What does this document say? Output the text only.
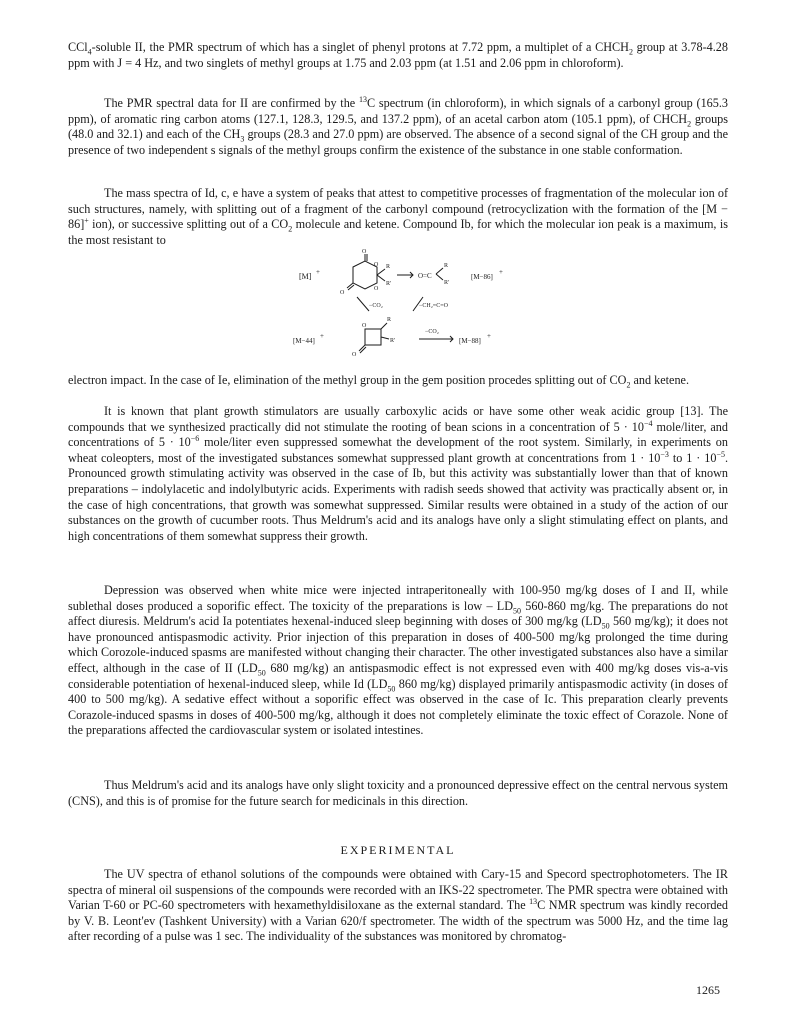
CCl$_4$-soluble II, the PMR spectrum of which has a singlet of phenyl protons at 7.72 ppm, a multiplet of a $CHCH_2$ group at 3.78-4.28 ppm with J = 4 Hz, and two singlets of methyl groups at 1.75 and 2.03 ppm (at 1.51 and 2.06 ppm in chloroform).

The PMR spectral data for II are confirmed by the $^{13}$C spectrum (in chloroform), in which signals of a carbonyl group (165.3 ppm), of aromatic ring carbon atoms (127.1, 128.3, 129.5, and 137.2 ppm), of an acetal carbon atom (105.1 ppm), of $CHCH_2$ groups (48.0 and 32.1) and each of the $CH_3$ groups (28.3 and 27.0 ppm) are observed. The absence of a second signal of the CH group and the presence of two independent s signals of the methyl groups confirm the existence of the substance in one stable conformation.

The mass spectra of Id, c, e have a system of peaks that attest to competitive processes of fragmentation of the molecular ion of such structures, namely, with splitting out of a fragment of the carbonyl compound (retrocyclization with the formation of the [M − 86]+ ion), or successive splitting out of a $CO_2$ molecule and ketene. Compound Ib, for which the molecular ion peak is a maximum, is the most resistant to

[M] +
O
O
O
O
R
R'
O=C
R
R'
[M−86]
+
−CO₂	−CH₂=C=O
[M−44]
+
O
O
R
R'
−CO₂
[M−88]
+

electron impact. In the case of Ie, elimination of the methyl group in the gem position procedes splitting out of $CO_2$ and ketene.

It is known that plant growth stimulators are usually carboxylic acids or have some other weak acidic group [13]. The compounds that we synthesized practically did not stimulate the rooting of bean scions in a concentration of $5 \cdot 10^{-4}$ mole/liter, and concentrations of $5 \cdot 10^{-6}$ mole/liter even suppressed somewhat the development of the root system. Similarly, in experiments on wheat coleopters, most of the investigated substances somewhat suppressed plant growth at concentrations from $1 \cdot 10^{-3}$ to $1 \cdot 10^{-5}$. Pronounced growth stimulating activity was observed in the case of Ib, but this activity was substantially lower than that of known preparations – indolylacetic and indolylbutyric acids. Experiments with radish seeds showed that activity was practically absent or, in the case of high concentrations, that growth was somewhat suppressed. Similar results were obtained in a study of the action of our substances on the growth of cucumber roots. Thus Meldrum's acid and its analogs have only a slight stimulating effect on plants, and high concentrations of them somewhat suppress their growth.

Depression was observed when white mice were injected intraperitoneally with 100-950 mg/kg doses of I and II, while sublethal doses produced a soporific effect. The toxicity of the preparations is low – $LD_{50}$ 560-860 mg/kg. The preparations do not affect diuresis. Meldrum's acid Ia potentiates hexenal-induced sleep beginning with doses of 300 mg/kg ($LD_{50}$ 560 mg/kg); it does not have pronounced antispasmodic activity. Prior injection of this preparation in doses of 400-500 mg/kg prolonged the time during which Corozole-induced spasms are manifested without changing their character. The other investigated substances also have a similar effect, although in the case of II ($LD_{50}$ 680 mg/kg) an antispasmodic effect is not expressed even with 400 mg/kg doses vis-a-vis considerable potentiation of hexenal-induced sleep, while Id ($LD_{50}$ 860 mg/kg) displayed primarily antispasmodic activity (in doses of 400 to 500 mg/kg). A sedative effect without a soporific effect was observed in the case of Ic. This preparation clearly prevents Corazole-induced spasms in doses of 400-500 mg/kg, although it does not completely eliminate the toxic effect of Corazole. None of the preparations affected the cardiovascular system or isolated intestines.

Thus Meldrum's acid and its analogs have only slight toxicity and a pronounced depressive effect on the central nervous system (CNS), and this is of promise for the future search for medicinals in this direction.

EXPERIMENTAL

The UV spectra of ethanol solutions of the compounds were obtained with Cary-15 and Specord spectrophotometers. The IR spectra of mineral oil suspensions of the compounds were recorded with an IKS-22 spectrometer. The PMR spectra were obtained with Varian T-60 or PC-60 spectrometers with hexamethyldisiloxane as the external standard. The $^{13}$C NMR spectrum was kindly recorded by V. B. Leont'ev (Tashkent University) with a Varian 620/f spectrometer. The width of the spectrum was 5000 Hz, and the time lag after recording of a pulse was 1 sec. The individuality of the substances was monitored by chromatog-

1265
